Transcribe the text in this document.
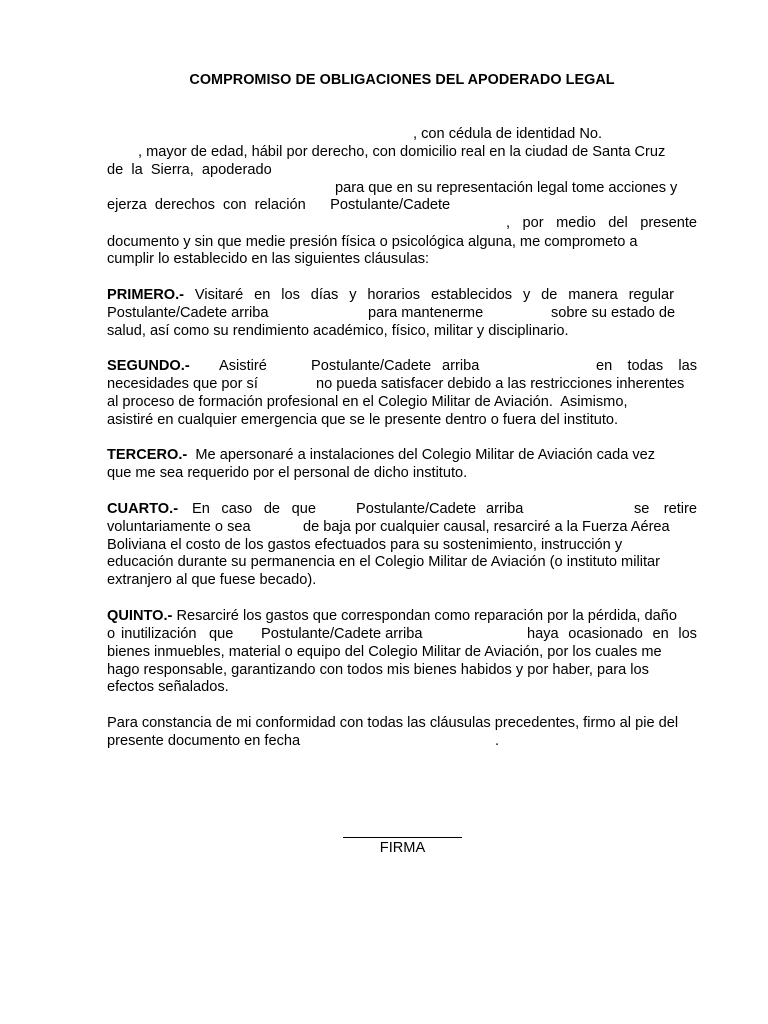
COMPROMISO DE OBLIGACIONES DEL APODERADO LEGAL
, con cédula de identidad No.
, mayor de edad, hábil por derecho, con domicilio real en la ciudad de Santa Cruz
de la Sierra, apoderado
para que en su representación legal tome acciones y
ejerza derechos con relación Postulante/Cadete
, por medio del presente
documento y sin que medie presión física o psicológica alguna, me comprometo a
cumplir lo establecido en las siguientes cláusulas:
PRIMERO.- Visitaré en los días y horarios establecidos y de manera regular
Postulante/Cadete arriba	para mantenerme	sobre su estado de
salud, así como su rendimiento académico, físico, militar y disciplinario.
SEGUNDO.- Asistiré	Postulante/Cadete arriba	en todas las
necesidades que por sí	no pueda satisfacer debido a las restricciones inherentes
al proceso de formación profesional en el Colegio Militar de Aviación.  Asimismo,
asistiré en cualquier emergencia que se le presente dentro o fuera del instituto.
TERCERO.- Me apersonaré a instalaciones del Colegio Militar de Aviación cada vez
que me sea requerido por el personal de dicho instituto.
CUARTO.- En caso de que	Postulante/Cadete arriba	se retire
voluntariamente o sea	de baja por cualquier causal, resarciré a la Fuerza Aérea
Boliviana el costo de los gastos efectuados para su sostenimiento, instrucción y
educación durante su permanencia en el Colegio Militar de Aviación (o instituto militar
extranjero al que fuese becado).
QUINTO.- Resarciré los gastos que correspondan como reparación por la pérdida, daño
o inutilización que Postulante/Cadete arriba	haya ocasionado en los
bienes inmuebles, material o equipo del Colegio Militar de Aviación, por los cuales me
hago responsable, garantizando con todos mis bienes habidos y por haber, para los
efectos señalados.
Para constancia de mi conformidad con todas las cláusulas precedentes, firmo al pie del
presente documento en fecha	.
FIRMA
